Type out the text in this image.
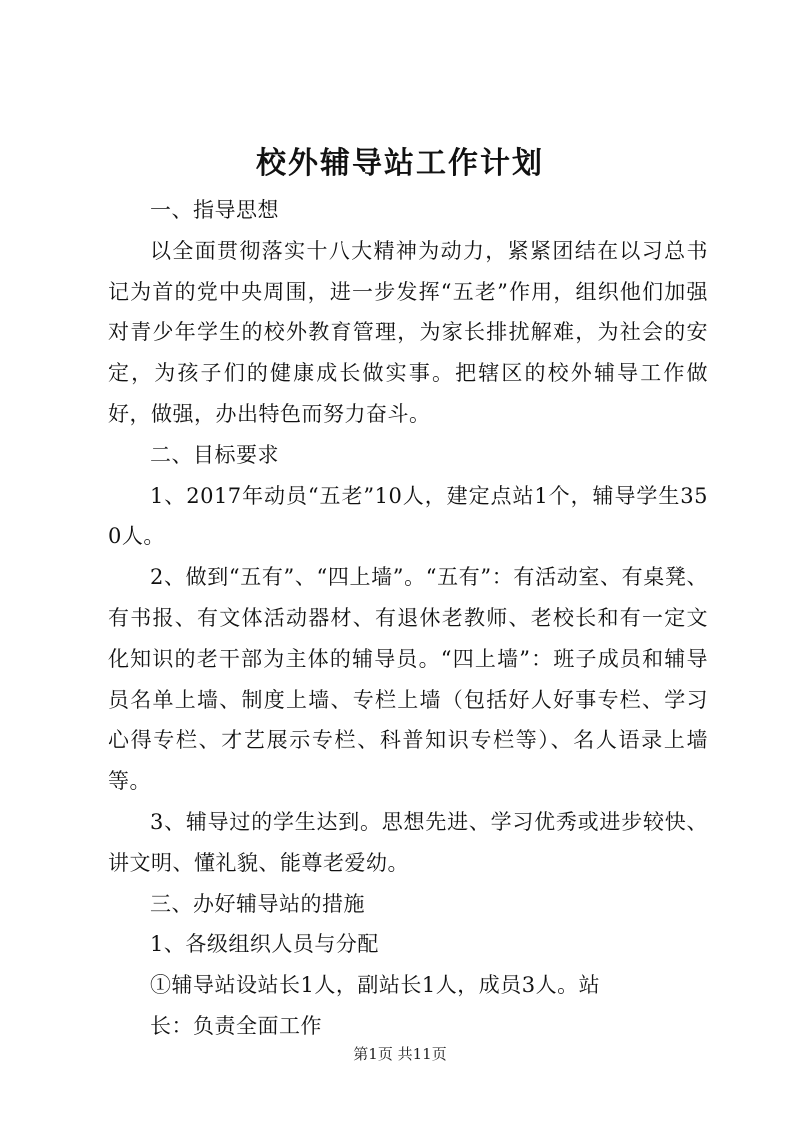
校外辅导站工作计划

一、指导思想

以全面贯彻落实十八大精神为动力，紧紧团结在以习总书记为首的党中央周围，进一步发挥“五老”作用，组织他们加强对青少年学生的校外教育管理，为家长排扰解难，为社会的安定，为孩子们的健康成长做实事。把辖区的校外辅导工作做好，做强，办出特色而努力奋斗。

二、目标要求

1、2017年动员“五老”10人，建定点站1个，辅导学生350人。

2、做到“五有”、“四上墙”。“五有”：有活动室、有桌凳、有书报、有文体活动器材、有退休老教师、老校长和有一定文化知识的老干部为主体的辅导员。“四上墙”：班子成员和辅导员名单上墙、制度上墙、专栏上墙（包括好人好事专栏、学习心得专栏、才艺展示专栏、科普知识专栏等）、名人语录上墙等。

3、辅导过的学生达到。思想先进、学习优秀或进步较快、讲文明、懂礼貌、能尊老爱幼。

三、办好辅导站的措施

1、各级组织人员与分配

①辅导站设站长1人，副站长1人，成员3人。站

长：负责全面工作

第1页 共11页
